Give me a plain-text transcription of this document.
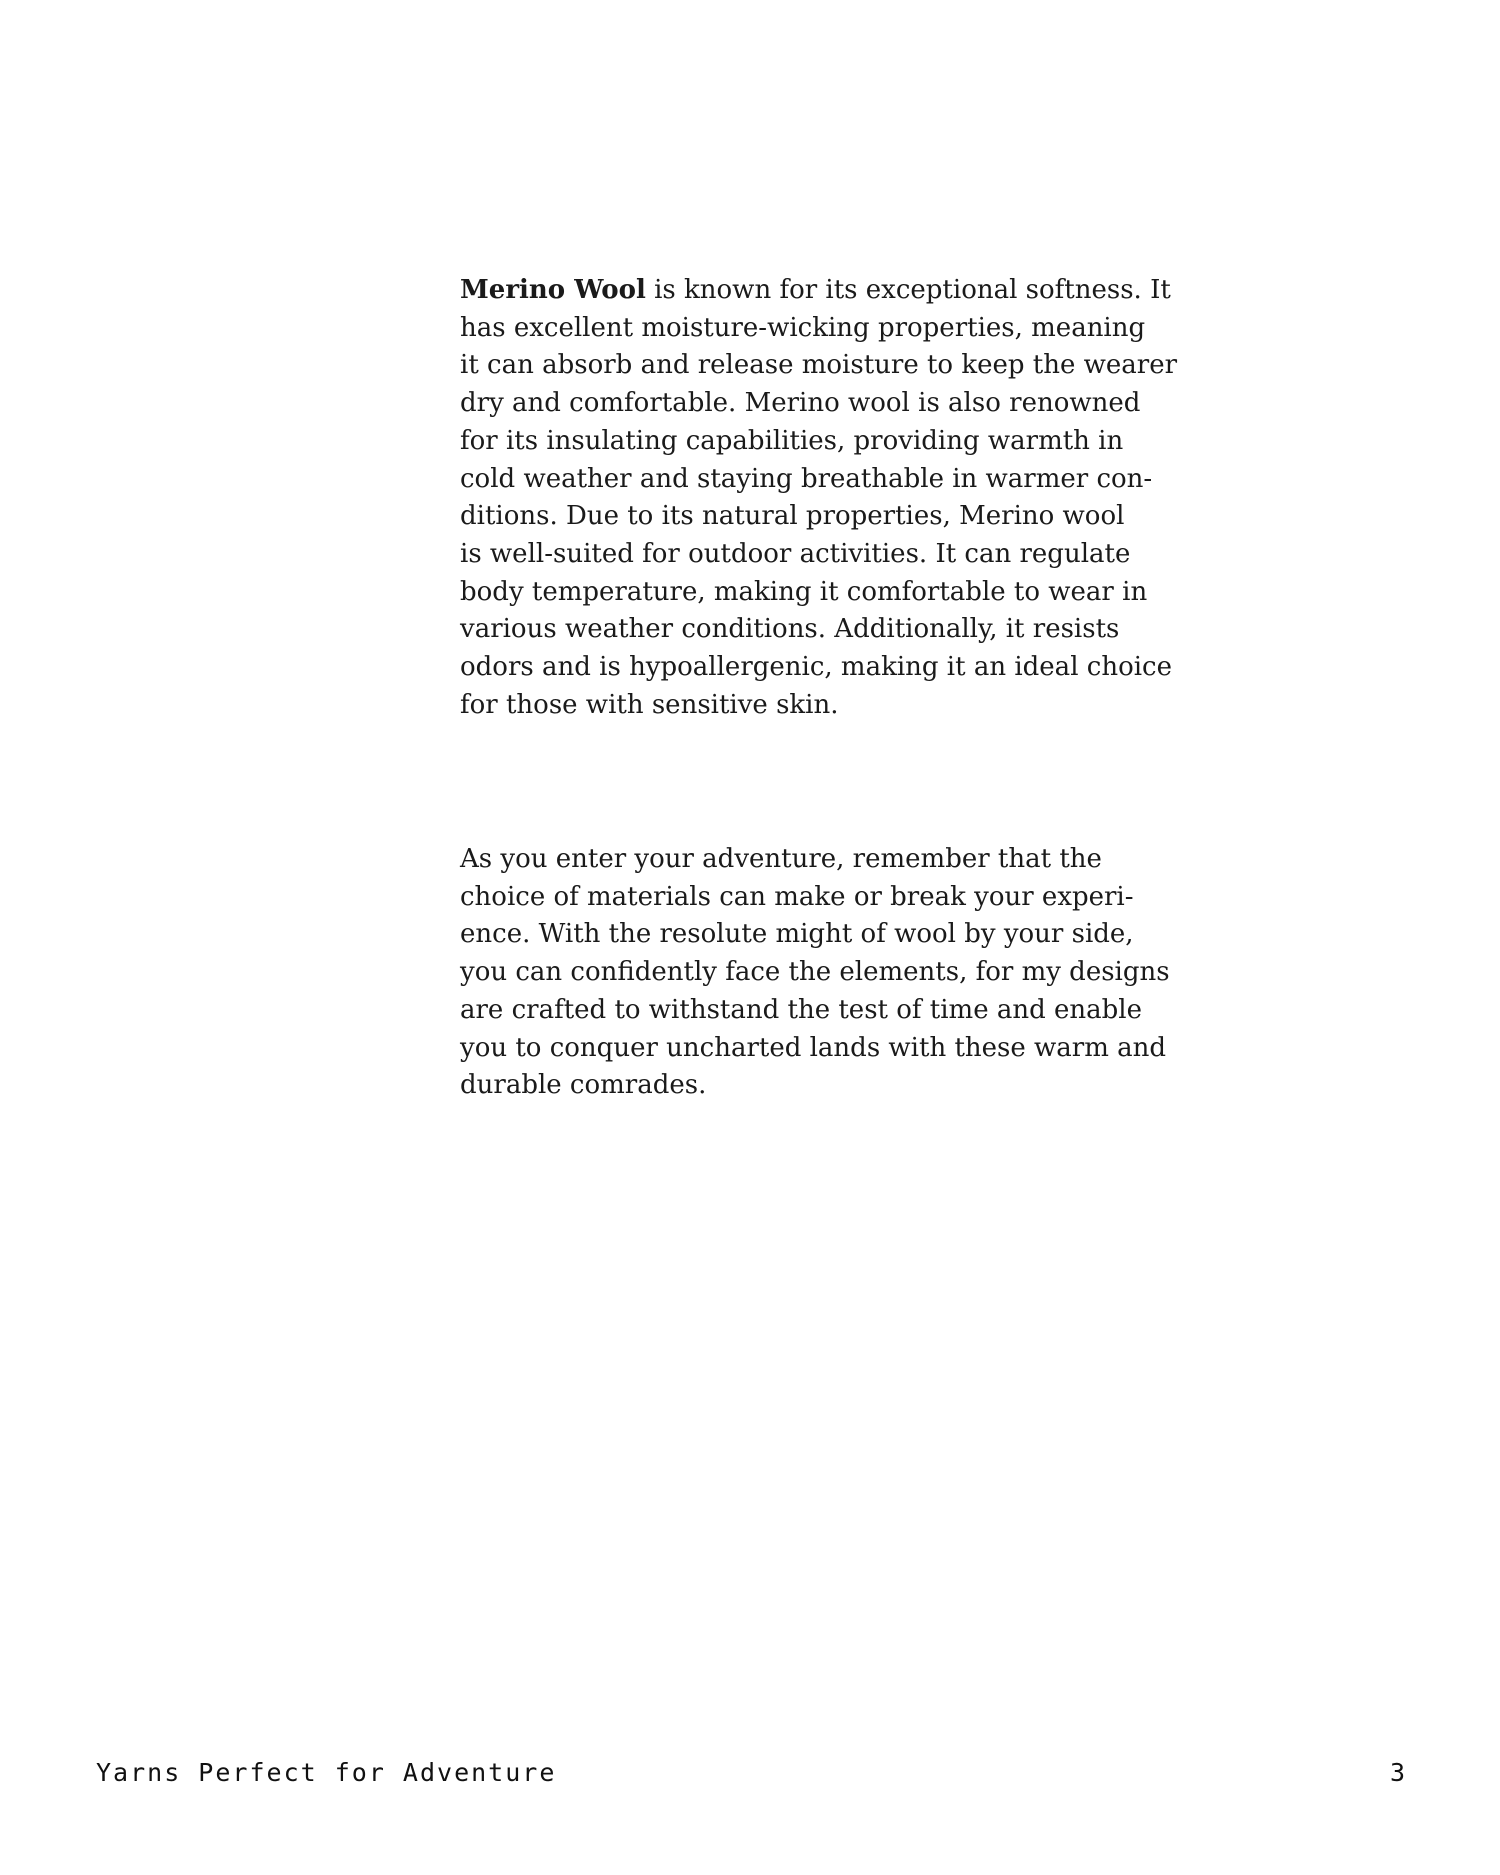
Merino Wool is known for its exceptional softness. It
has excellent moisture-wicking properties, meaning
it can absorb and release moisture to keep the wearer
dry and comfortable. Merino wool is also renowned
for its insulating capabilities, providing warmth in
cold weather and staying breathable in warmer con-
ditions. Due to its natural properties, Merino wool
is well-suited for outdoor activities. It can regulate
body temperature, making it comfortable to wear in
various weather conditions. Additionally, it resists
odors and is hypoallergenic, making it an ideal choice
for those with sensitive skin.

As you enter your adventure, remember that the
choice of materials can make or break your experi-
ence. With the resolute might of wool by your side,
you can confidently face the elements, for my designs
are crafted to withstand the test of time and enable
you to conquer uncharted lands with these warm and
durable comrades.

Yarns Perfect for Adventure	3
